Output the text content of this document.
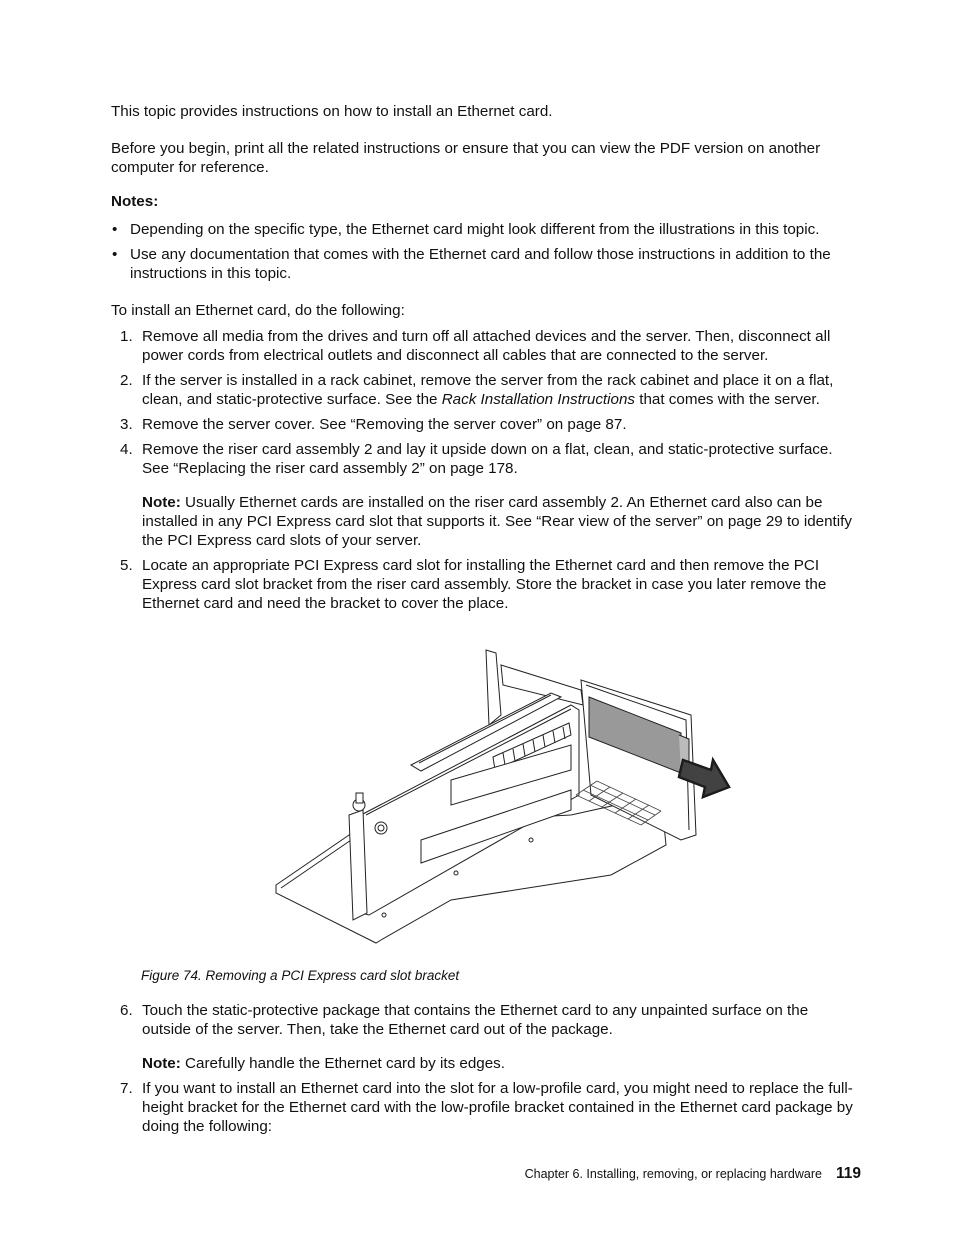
This topic provides instructions on how to install an Ethernet card.

Before you begin, print all the related instructions or ensure that you can view the PDF version on another computer for reference.

Notes:

• Depending on the specific type, the Ethernet card might look different from the illustrations in this topic.
• Use any documentation that comes with the Ethernet card and follow those instructions in addition to the instructions in this topic.

To install an Ethernet card, do the following:

1. Remove all media from the drives and turn off all attached devices and the server. Then, disconnect all power cords from electrical outlets and disconnect all cables that are connected to the server.
2. If the server is installed in a rack cabinet, remove the server from the rack cabinet and place it on a flat, clean, and static-protective surface. See the Rack Installation Instructions that comes with the server.
3. Remove the server cover. See “Removing the server cover” on page 87.
4. Remove the riser card assembly 2 and lay it upside down on a flat, clean, and static-protective surface. See “Replacing the riser card assembly 2” on page 178.

Note: Usually Ethernet cards are installed on the riser card assembly 2. An Ethernet card also can be installed in any PCI Express card slot that supports it. See “Rear view of the server” on page 29 to identify the PCI Express card slots of your server.

5. Locate an appropriate PCI Express card slot for installing the Ethernet card and then remove the PCI Express card slot bracket from the riser card assembly. Store the bracket in case you later remove the Ethernet card and need the bracket to cover the place.

Figure 74. Removing a PCI Express card slot bracket

6. Touch the static-protective package that contains the Ethernet card to any unpainted surface on the outside of the server. Then, take the Ethernet card out of the package.

Note: Carefully handle the Ethernet card by its edges.

7. If you want to install an Ethernet card into the slot for a low-profile card, you might need to replace the full-height bracket for the Ethernet card with the low-profile bracket contained in the Ethernet card package by doing the following:
Chapter 6. Installing, removing, or replacing hardware 119
